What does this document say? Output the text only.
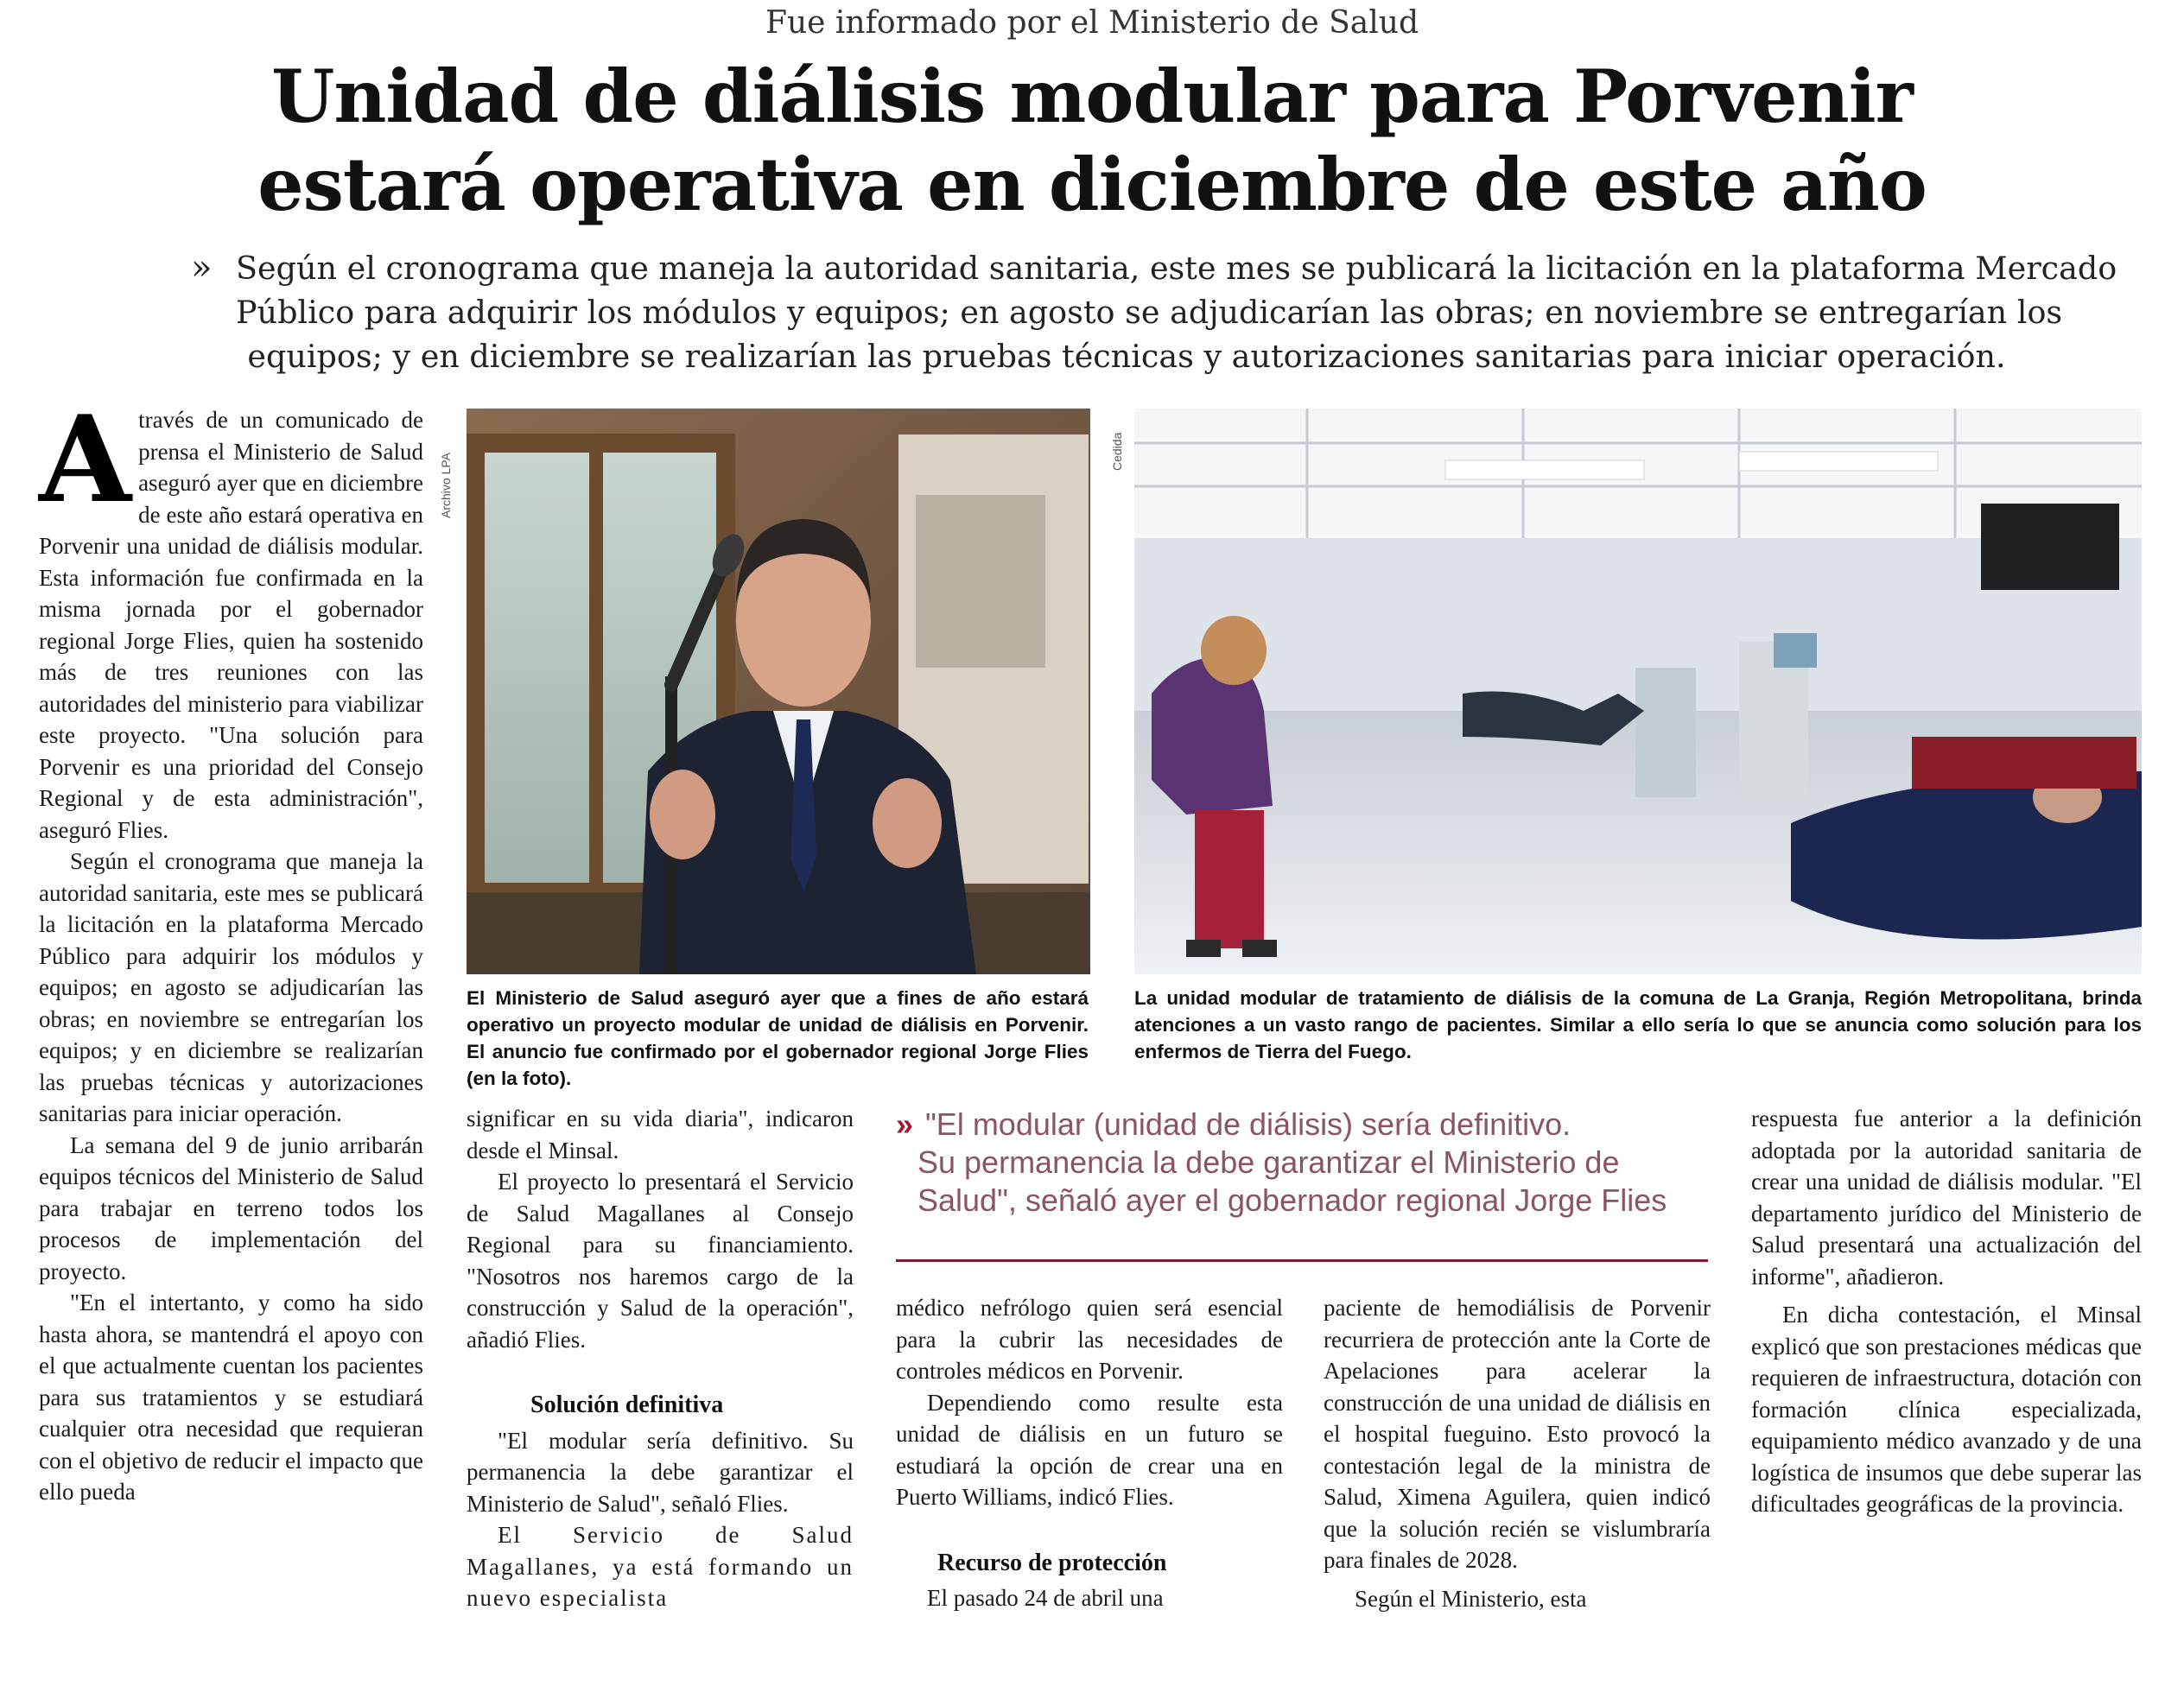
Fue informado por el Ministerio de Salud
Unidad de diálisis modular para Porvenir
estará operativa en diciembre de este año
» Según el cronograma que maneja la autoridad sanitaria, este mes se publicará la licitación en la plataforma Mercado
Público para adquirir los módulos y equipos; en agosto se adjudicarían las obras; en noviembre se entregarían los
equipos; y en diciembre se realizarían las pruebas técnicas y autorizaciones sanitarias para iniciar operación.
A través de un comunicado de prensa el Ministerio de Salud aseguró ayer que en diciembre de este año estará operativa en Porvenir una unidad de diálisis modular. Esta información fue confirmada en la misma jornada por el gobernador regional Jorge Flies, quien ha sostenido más de tres reuniones con las autoridades del ministerio para viabilizar este proyecto. "Una solución para Porvenir es una prioridad del Consejo Regional y de esta administración", aseguró Flies.

Según el cronograma que maneja la autoridad sanitaria, este mes se publicará la licitación en la plataforma Mercado Público para adquirir los módulos y equipos; en agosto se adjudicarían las obras; en noviembre se entregarían los equipos; y en diciembre se realizarían las pruebas técnicas y autorizaciones sanitarias para iniciar operación.

La semana del 9 de junio arribarán equipos técnicos del Ministerio de Salud para trabajar en terreno todos los procesos de implementación del proyecto.

"En el intertanto, y como ha sido hasta ahora, se mantendrá el apoyo con el que actualmente cuentan los pacientes para sus tratamientos y se estudiará cualquier otra necesidad que requieran con el objetivo de reducir el impacto que ello pueda

Archivo LPA
El Ministerio de Salud aseguró ayer que a fines de año estará operativo un proyecto modular de unidad de diálisis en Porvenir. El anuncio fue confirmado por el gobernador regional Jorge Flies (en la foto).
Cedida
La unidad modular de tratamiento de diálisis de la comuna de La Granja, Región Metropolitana, brinda atenciones a un vasto rango de pacientes. Similar a ello sería lo que se anuncia como solución para los enfermos de Tierra del Fuego.

significar en su vida diaria", indicaron desde el Minsal.

El proyecto lo presentará el Servicio de Salud Magallanes al Consejo Regional para su financiamiento. "Nosotros nos haremos cargo de la construcción y Salud de la operación", añadió Flies.

Solución definitiva

"El modular sería definitivo. Su permanencia la debe garantizar el Ministerio de Salud", señaló Flies.

El Servicio de Salud Magallanes, ya está formando un nuevo especialista

» "El modular (unidad de diálisis) sería definitivo.
Su permanencia la debe garantizar el Ministerio de
Salud", señaló ayer el gobernador regional Jorge Flies

médico nefrólogo quien será esencial para la cubrir las necesidades de controles médicos en Porvenir.

Dependiendo como resulte esta unidad de diálisis en un futuro se estudiará la opción de crear una en Puerto Williams, indicó Flies.

Recurso de protección

El pasado 24 de abril una

paciente de hemodiálisis de Porvenir recurriera de protección ante la Corte de Apelaciones para acelerar la construcción de una unidad de diálisis en el hospital fueguino. Esto provocó la contestación legal de la ministra de Salud, Ximena Aguilera, quien indicó que la solución recién se vislumbraría para finales de 2028.

Según el Ministerio, esta

respuesta fue anterior a la definición adoptada por la autoridad sanitaria de crear una unidad de diálisis modular. "El departamento jurídico del Ministerio de Salud presentará una actualización del informe", añadieron.

En dicha contestación, el Minsal explicó que son prestaciones médicas que requieren de infraestructura, dotación con formación clínica especializada, equipamiento médico avanzado y de una logística de insumos que debe superar las dificultades geográficas de la provincia.
